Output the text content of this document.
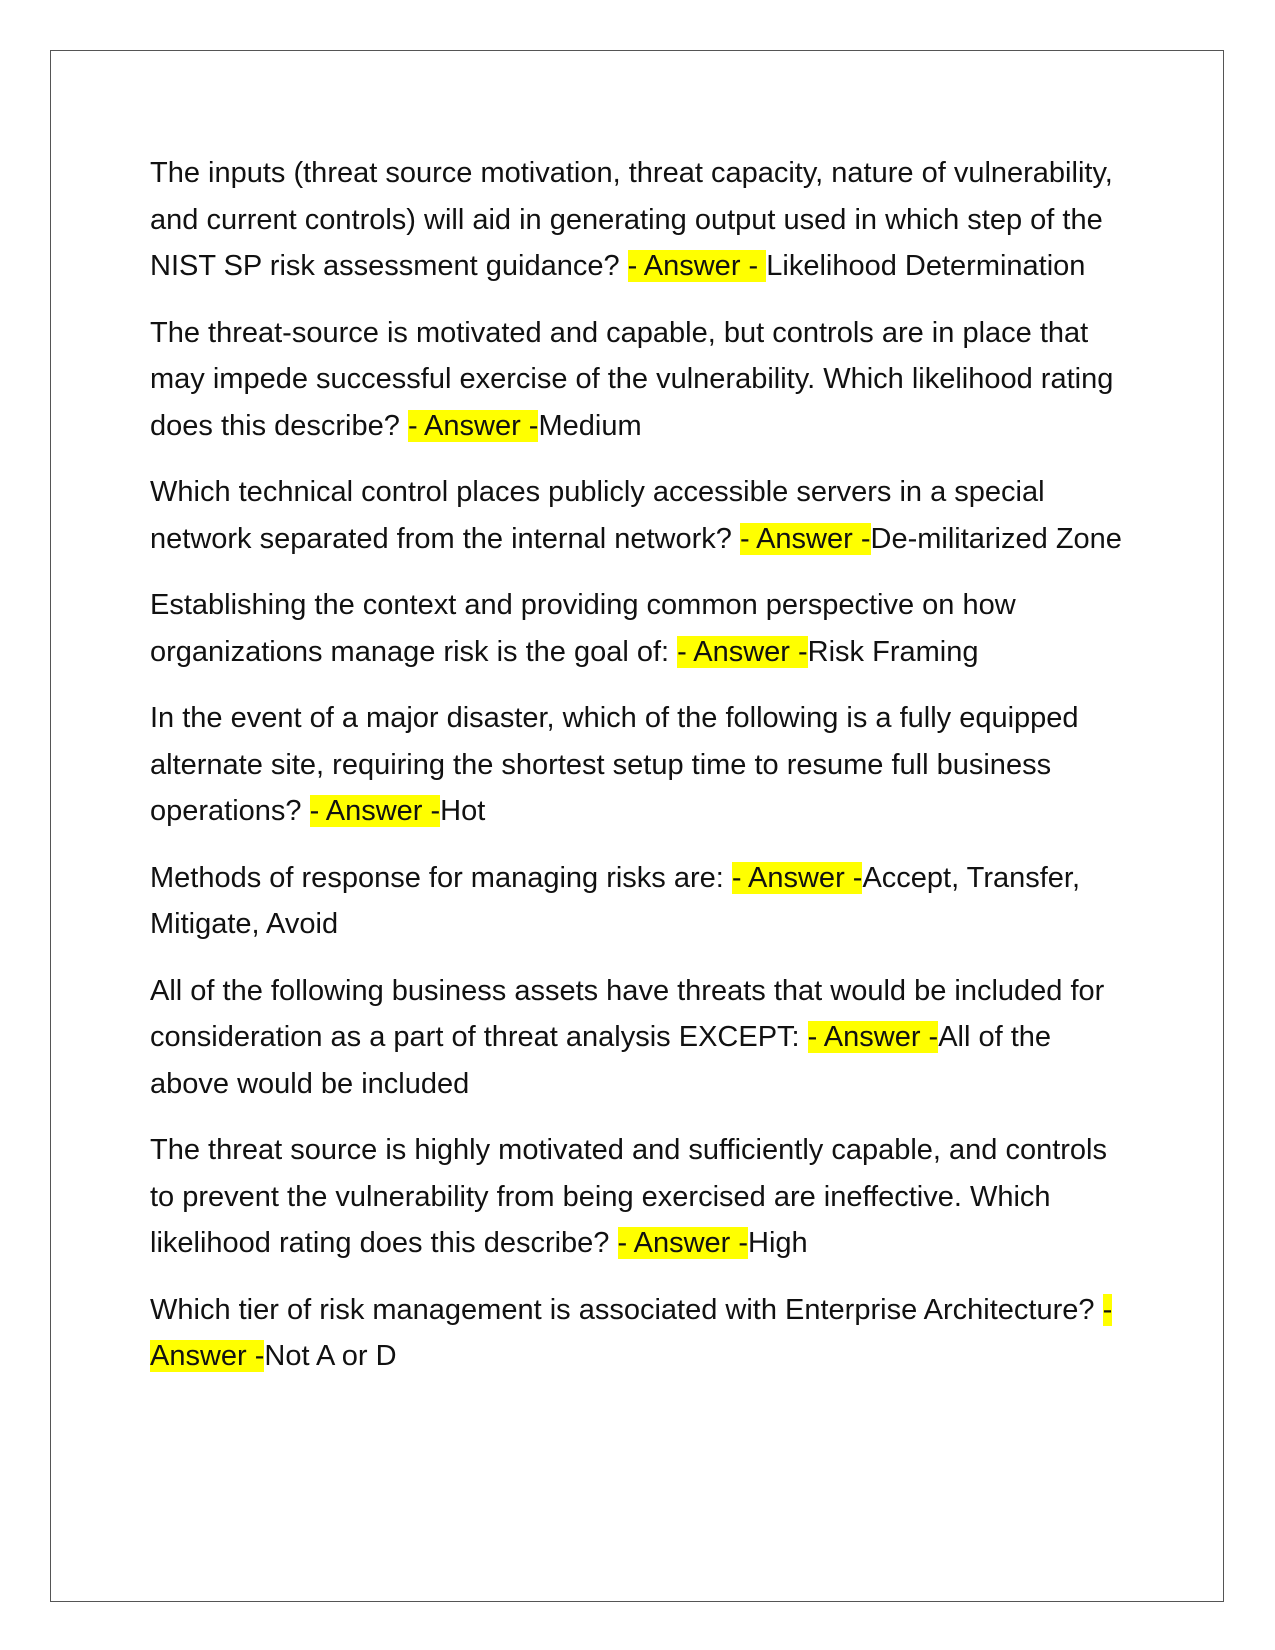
The inputs (threat source motivation, threat capacity, nature of vulnerability, and current controls) will aid in generating output used in which step of the NIST SP risk assessment guidance? - Answer - Likelihood Determination

The threat-source is motivated and capable, but controls are in place that may impede successful exercise of the vulnerability. Which likelihood rating does this describe? - Answer -Medium

Which technical control places publicly accessible servers in a special network separated from the internal network? - Answer -De-militarized Zone

Establishing the context and providing common perspective on how organizations manage risk is the goal of: - Answer -Risk Framing

In the event of a major disaster, which of the following is a fully equipped alternate site, requiring the shortest setup time to resume full business operations? - Answer -Hot

Methods of response for managing risks are: - Answer -Accept, Transfer, Mitigate, Avoid

All of the following business assets have threats that would be included for consideration as a part of threat analysis EXCEPT: - Answer -All of the above would be included

The threat source is highly motivated and sufficiently capable, and controls to prevent the vulnerability from being exercised are ineffective. Which likelihood rating does this describe? - Answer -High

Which tier of risk management is associated with Enterprise Architecture? - Answer -Not A or D
